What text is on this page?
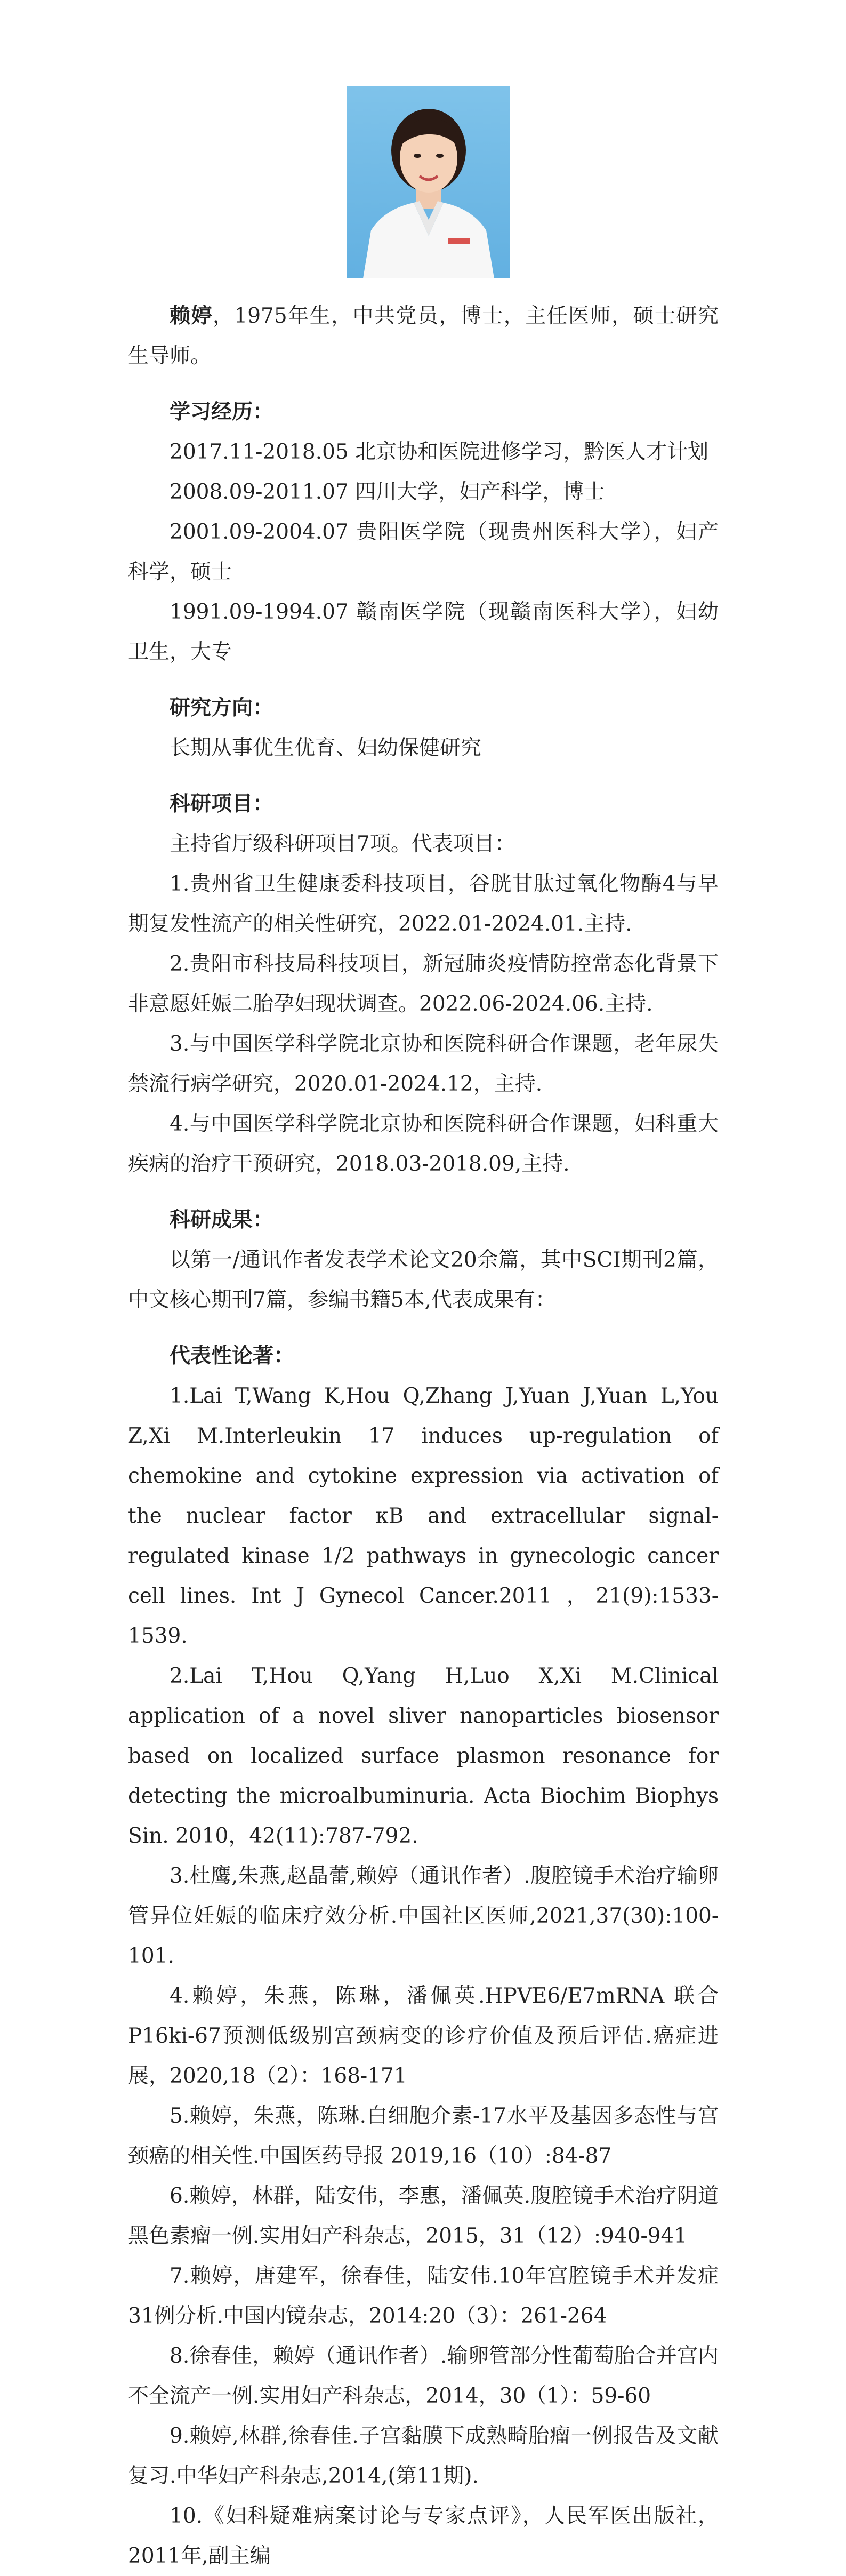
赖婷，1975年生，中共党员，博士，主任医师，硕士研究生导师。

学习经历：

2017.11-2018.05 北京协和医院进修学习，黔医人才计划

2008.09-2011.07 四川大学，妇产科学，博士

2001.09-2004.07 贵阳医学院（现贵州医科大学），妇产科学，硕士

1991.09-1994.07 赣南医学院（现赣南医科大学），妇幼卫生，大专

研究方向：

长期从事优生优育、妇幼保健研究

科研项目：

主持省厅级科研项目7项。代表项目：

1.贵州省卫生健康委科技项目，谷胱甘肽过氧化物酶4与早期复发性流产的相关性研究，2022.01-2024.01.主持.

2.贵阳市科技局科技项目，新冠肺炎疫情防控常态化背景下非意愿妊娠二胎孕妇现状调查。2022.06-2024.06.主持.

3.与中国医学科学院北京协和医院科研合作课题，老年尿失禁流行病学研究，2020.01-2024.12，主持.

4.与中国医学科学院北京协和医院科研合作课题，妇科重大疾病的治疗干预研究，2018.03-2018.09,主持.

科研成果：

以第一/通讯作者发表学术论文20余篇，其中SCI期刊2篇，中文核心期刊7篇，参编书籍5本,代表成果有：

代表性论著：

1.Lai T,Wang K,Hou Q,Zhang J,Yuan J,Yuan L,You Z,Xi M.Interleukin 17 induces up-regulation of chemokine and cytokine expression via activation of the nuclear factor κB and extracellular signal- regulated kinase 1/2 pathways in gynecologic cancer cell lines. Int J Gynecol Cancer.2011 ，21(9):1533-1539.

2.Lai T,Hou Q,Yang H,Luo X,Xi M.Clinical application of a novel sliver nanoparticles biosensor based on localized surface plasmon resonance for detecting the microalbuminuria. Acta Biochim Biophys Sin. 2010，42(11):787-792.

3.杜鹰,朱燕,赵晶蕾,赖婷（通讯作者）.腹腔镜手术治疗输卵管异位妊娠的临床疗效分析.中国社区医师,2021,37(30):100-101.

4.赖婷，朱燕，陈琳，潘佩英.HPVE6/E7mRNA 联合P16ki-67预测低级别宫颈病变的诊疗价值及预后评估.癌症进展，2020,18（2）：168-171

5.赖婷，朱燕，陈琳.白细胞介素-17水平及基因多态性与宫颈癌的相关性.中国医药导报 2019,16（10）:84-87

6.赖婷，林群，陆安伟，李惠，潘佩英.腹腔镜手术治疗阴道黑色素瘤一例.实用妇产科杂志，2015，31（12）:940-941

7.赖婷，唐建军，徐春佳，陆安伟.10年宫腔镜手术并发症31例分析.中国内镜杂志，2014:20（3）：261-264

8.徐春佳，赖婷（通讯作者）.输卵管部分性葡萄胎合并宫内不全流产一例.实用妇产科杂志，2014，30（1）：59-60

9.赖婷,林群,徐春佳.子宫黏膜下成熟畸胎瘤一例报告及文献复习.中华妇产科杂志,2014,(第11期).

10.《妇科疑难病案讨论与专家点评》，人民军医出版社，2011年,副主编
